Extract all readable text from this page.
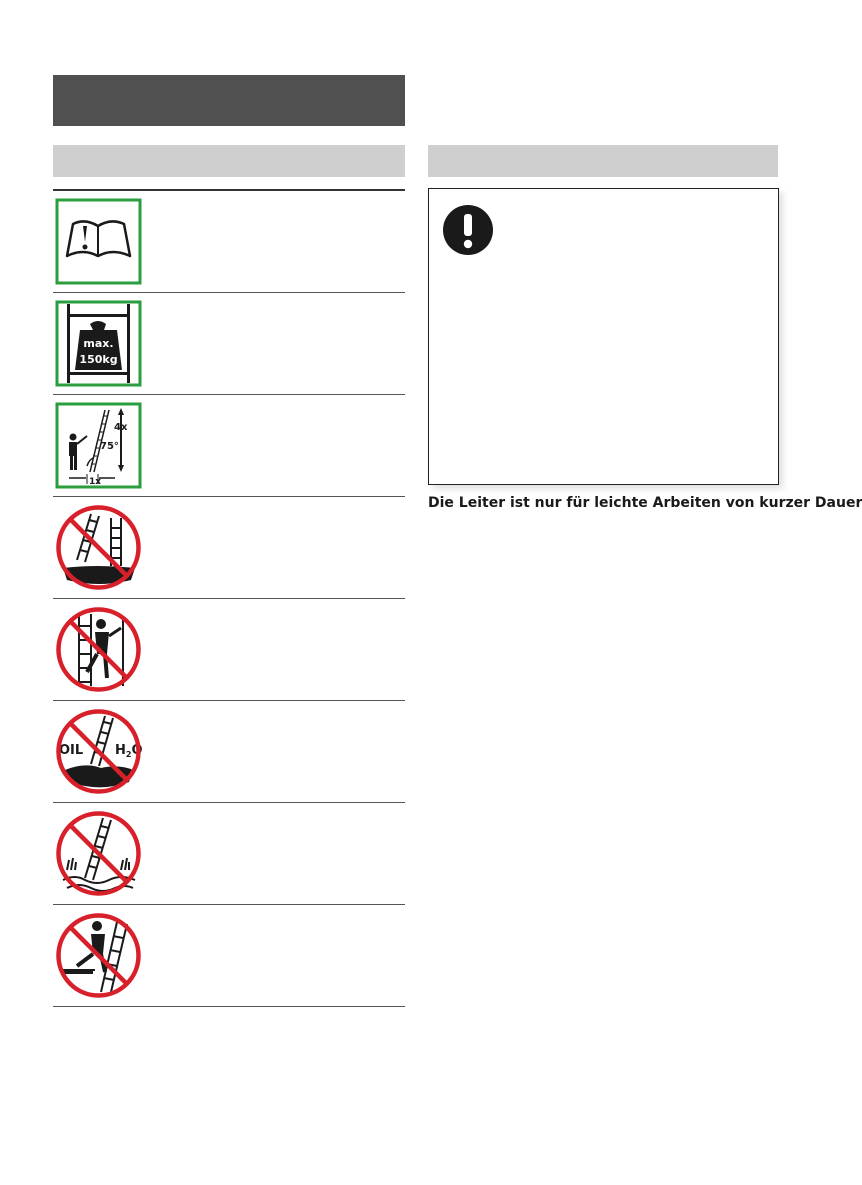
max.
150kg
4x
75°
1x
OIL $H_2O$
Die Leiter ist nur für leichte Arbeiten von kurzer Dauer
